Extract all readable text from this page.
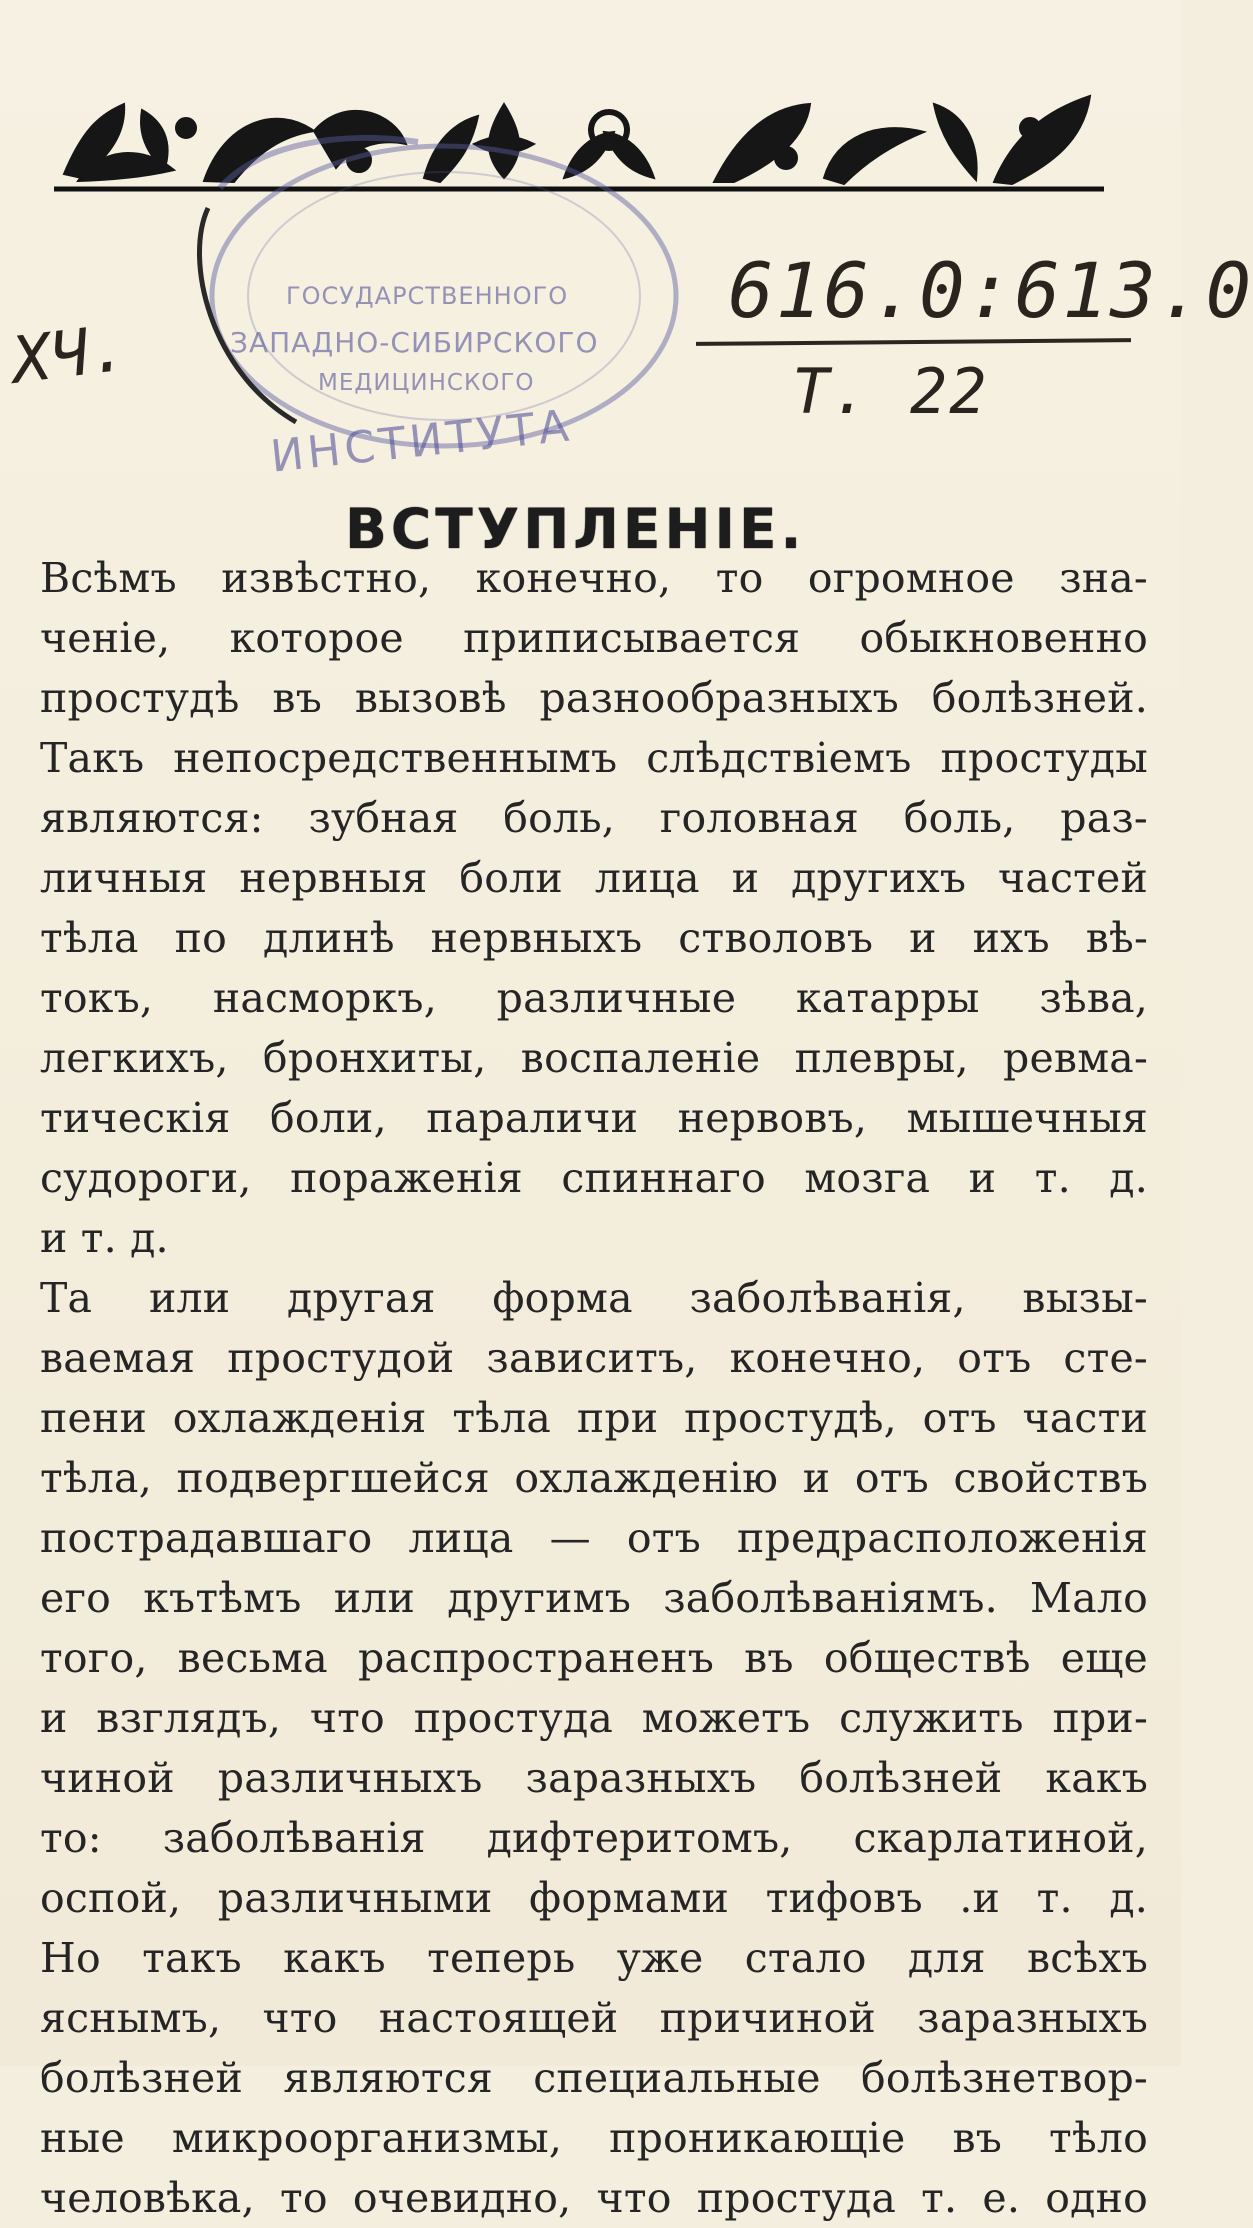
ГОСУДАРСТВЕННОГО
ЗАПАДНО-СИБИРСКОГО
МЕДИЦИНСКОГО
ИНСТИТУТА
616.0:613.0
T. 22
ХЧ.
ВСТУПЛЕНІЕ.
Всѣмъ извѣстно, конечно, то огромное зна-
ченіе, которое приписывается обыкновенно
простудѣ въ вызовѣ разнообразныхъ болѣзней.
Такъ непосредственнымъ слѣдствіемъ простуды
являются: зубная боль, головная боль, раз-
личныя нервныя боли лица и другихъ частей
тѣла по длинѣ нервныхъ стволовъ и ихъ вѣ-
токъ, насморкъ, различные катарры зѣва,
легкихъ, бронхиты, воспаленіе плевры, ревма-
тическія боли, параличи нервовъ, мышечныя
судороги, пораженія спиннаго мозга и т. д.
и т. д.
Та или другая форма заболѣванія, вызы-
ваемая простудой зависитъ, конечно, отъ сте-
пени охлажденія тѣла при простудѣ, отъ части
тѣла, подвергшейся охлажденію и отъ свойствъ
пострадавшаго лица — отъ предрасположенія
его кътѣмъ или другимъ заболѣваніямъ. Мало
того, весьма распространенъ въ обществѣ еще
и взглядъ, что простуда можетъ служить при-
чиной различныхъ заразныхъ болѣзней какъ
то: заболѣванія дифтеритомъ, скарлатиной,
оспой, различными формами тифовъ .и т. д.
Но такъ какъ теперь уже стало для всѣхъ
яснымъ, что настоящей причиной заразныхъ
болѣзней являются специальные болѣзнетвор-
ные микроорганизмы, проникающіе въ тѣло
человѣка, то очевидно, что простуда т. е. одно
